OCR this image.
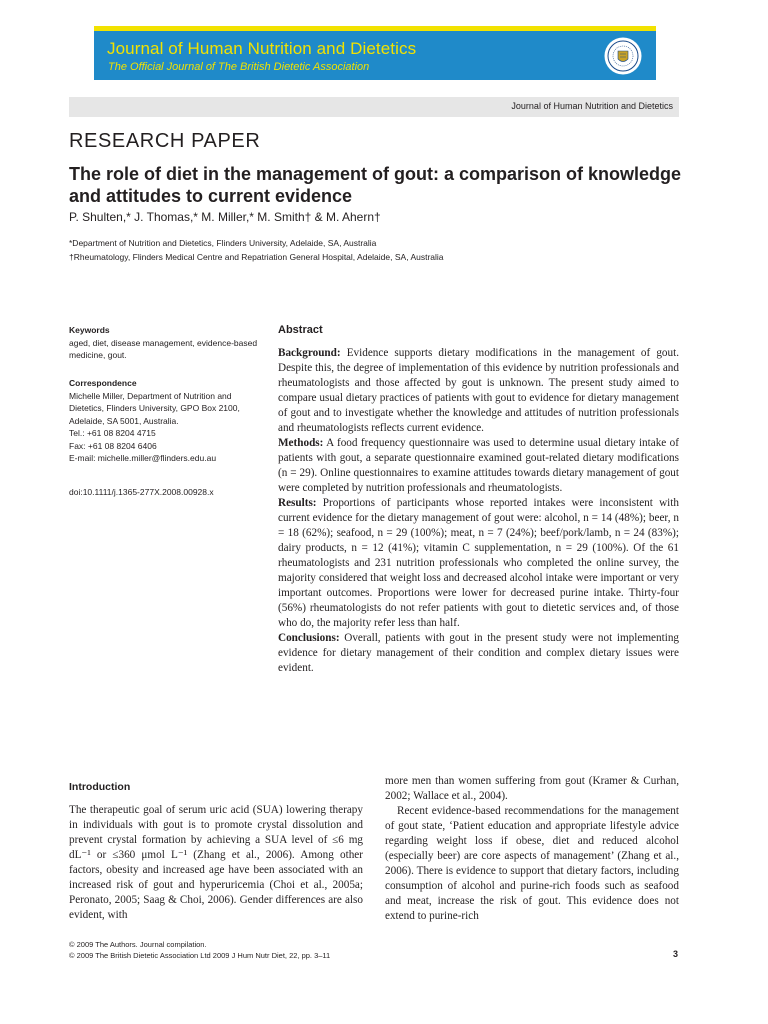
Journal of Human Nutrition and Dietetics
The Official Journal of The British Dietetic Association
Journal of Human Nutrition and Dietetics
RESEARCH PAPER
The role of diet in the management of gout: a comparison of knowledge and attitudes to current evidence
P. Shulten,* J. Thomas,* M. Miller,* M. Smith† & M. Ahern†
*Department of Nutrition and Dietetics, Flinders University, Adelaide, SA, Australia
†Rheumatology, Flinders Medical Centre and Repatriation General Hospital, Adelaide, SA, Australia
Keywords
aged, diet, disease management, evidence-based medicine, gout.
Correspondence
Michelle Miller, Department of Nutrition and
Dietetics, Flinders University, GPO Box 2100,
Adelaide, SA 5001, Australia.
Tel.: +61 08 8204 4715
Fax: +61 08 8204 6406
E-mail: michelle.miller@flinders.edu.au
doi:10.1111/j.1365-277X.2008.00928.x
Abstract

Background: Evidence supports dietary modifications in the management of gout. Despite this, the degree of implementation of this evidence by nutrition professionals and rheumatologists and those affected by gout is unknown. The present study aimed to compare usual dietary practices of patients with gout to evidence for dietary management of gout and to investigate whether the knowledge and attitudes of nutrition professionals and rheumatologists reflects current evidence.

Methods: A food frequency questionnaire was used to determine usual dietary intake of patients with gout, a separate questionnaire examined gout-related dietary modifications (n = 29). Online questionnaires to examine attitudes towards dietary management of gout were completed by nutrition professionals and rheumatologists.

Results: Proportions of participants whose reported intakes were inconsistent with current evidence for the dietary management of gout were: alcohol, n = 14 (48%); beer, n = 18 (62%); seafood, n = 29 (100%); meat, n = 7 (24%); beef/pork/lamb, n = 24 (83%); dairy products, n = 12 (41%); vitamin C supplementation, n = 29 (100%). Of the 61 rheumatologists and 231 nutrition professionals who completed the online survey, the majority considered that weight loss and decreased alcohol intake were important or very important outcomes. Proportions were lower for decreased purine intake. Thirty-four (56%) rheumatologists do not refer patients with gout to dietetic services and, of those who do, the majority refer less than half.

Conclusions: Overall, patients with gout in the present study were not implementing evidence for dietary management of their condition and complex dietary issues were evident.

Introduction

The therapeutic goal of serum uric acid (SUA) lowering therapy in individuals with gout is to promote crystal dissolution and prevent crystal formation by achieving a SUA level of ≤6 mg dL⁻¹ or ≤360 μmol L⁻¹ (Zhang et al., 2006). Among other factors, obesity and increased age have been associated with an increased risk of gout and hyperuricemia (Choi et al., 2005a; Peronato, 2005; Saag & Choi, 2006). Gender differences are also evident, with

more men than women suffering from gout (Kramer & Curhan, 2002; Wallace et al., 2004).

Recent evidence-based recommendations for the management of gout state, ‘Patient education and appropriate lifestyle advice regarding weight loss if obese, diet and reduced alcohol (especially beer) are core aspects of management’ (Zhang et al., 2006). There is evidence to support that dietary factors, including consumption of alcohol and purine-rich foods such as seafood and meat, increase the risk of gout. This evidence does not extend to purine-rich

© 2009 The Authors. Journal compilation.
© 2009 The British Dietetic Association Ltd 2009 J Hum Nutr Diet, 22, pp. 3–11	3
